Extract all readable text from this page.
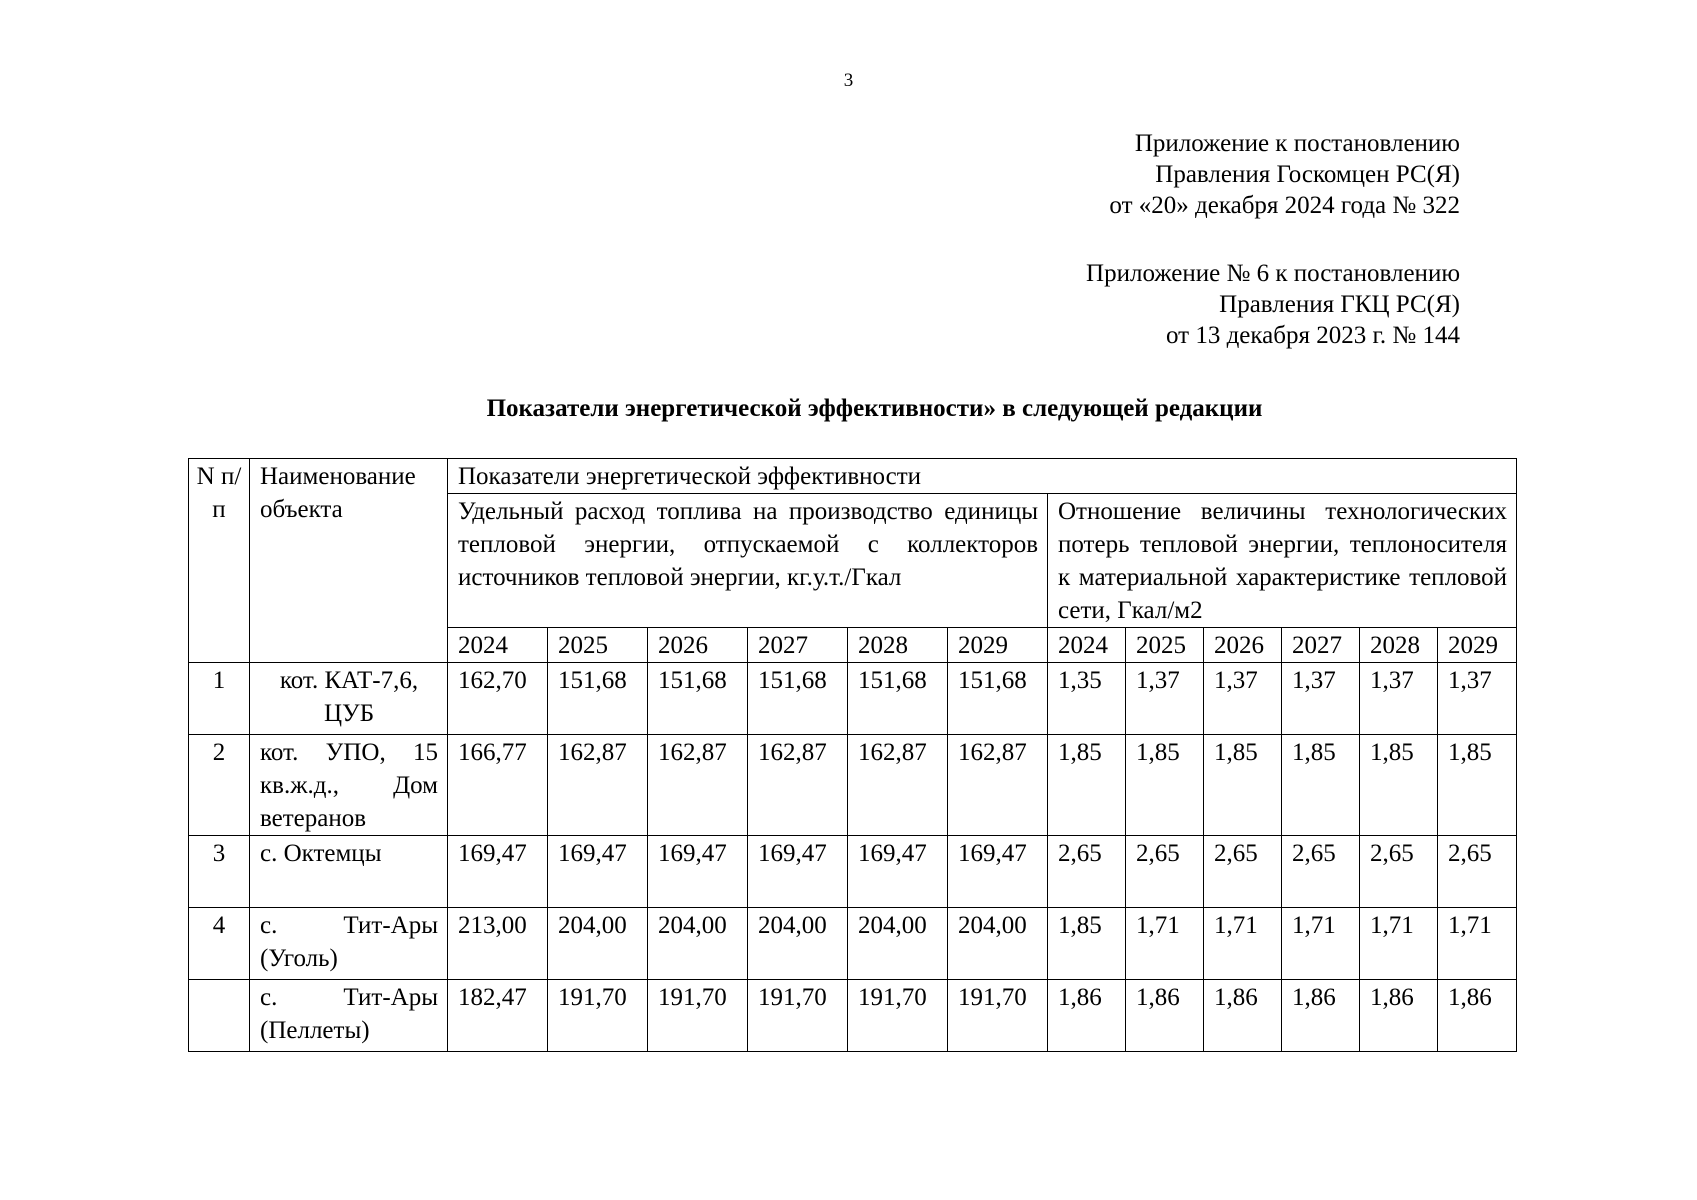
3
Приложение к постановлению
Правления Госкомцен РС(Я)
от «20» декабря 2024 года № 322
Приложение № 6 к постановлению
Правления ГКЦ РС(Я)
от 13 декабря 2023 г. № 144
Показатели энергетической эффективности» в следующей редакции
N п/п	Наименование объекта	Показатели энергетической эффективности											
		Удельный расход топлива на производство единицы тепловой энергии, отпускаемой с коллекторов источников тепловой энергии, кг.у.т./Гкал						Отношение величины технологических потерь тепловой энергии, теплоносителя к материальной характеристике тепловой сети, Гкал/м2					
		2024	2025	2026	2027	2028	2029	2024	2025	2026	2027	2028	2029
1	кот. КАТ-7,6, ЦУБ	162,70	151,68	151,68	151,68	151,68	151,68	1,35	1,37	1,37	1,37	1,37	1,37
2	кот. УПО, 15 кв.ж.д., Дом ветеранов	166,77	162,87	162,87	162,87	162,87	162,87	1,85	1,85	1,85	1,85	1,85	1,85
3	с. Октемцы	169,47	169,47	169,47	169,47	169,47	169,47	2,65	2,65	2,65	2,65	2,65	2,65
4	с. Тит-Ары (Уголь)	213,00	204,00	204,00	204,00	204,00	204,00	1,85	1,71	1,71	1,71	1,71	1,71
	с. Тит-Ары (Пеллеты)	182,47	191,70	191,70	191,70	191,70	191,70	1,86	1,86	1,86	1,86	1,86	1,86
